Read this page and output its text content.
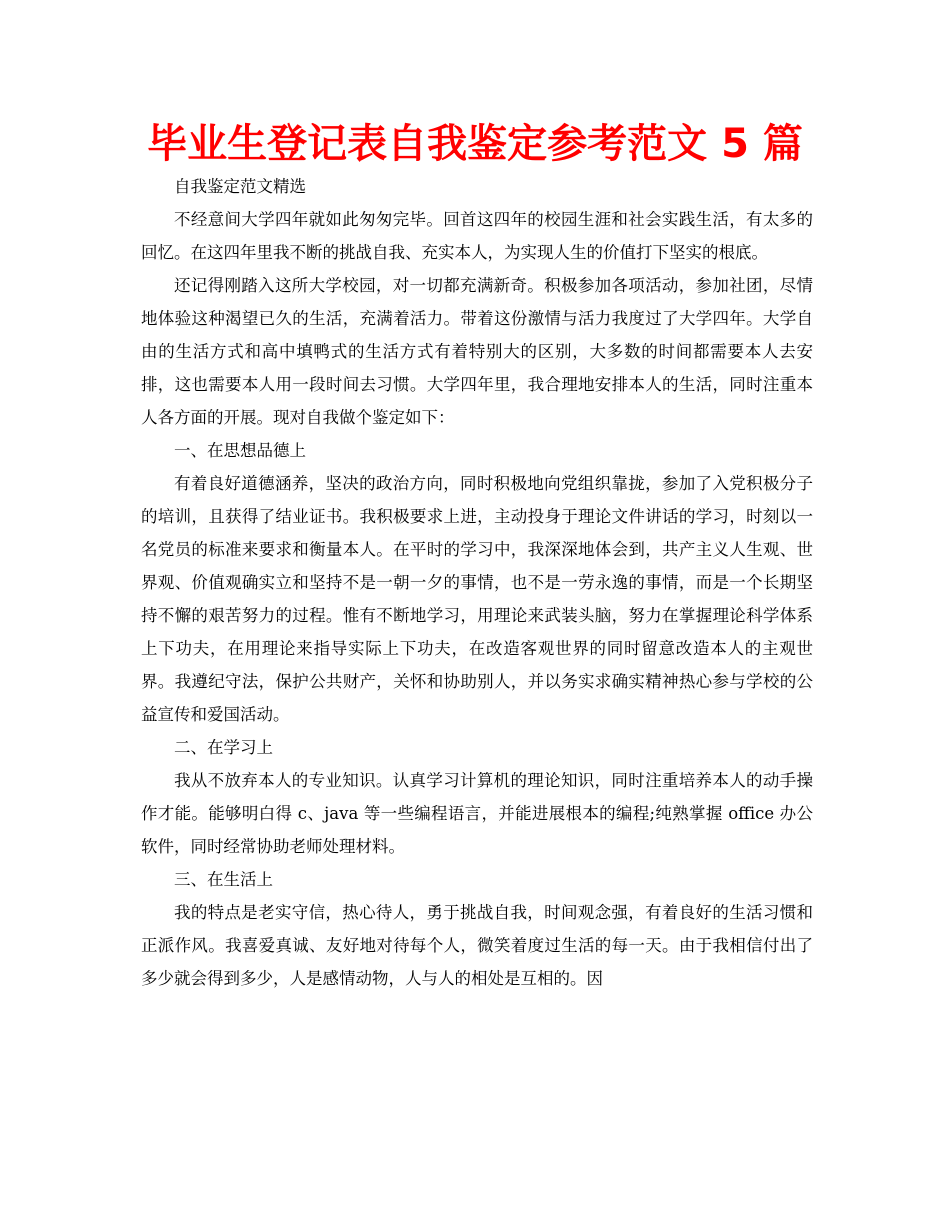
毕业生登记表自我鉴定参考范文 5 篇

自我鉴定范文精选

不经意间大学四年就如此匆匆完毕。回首这四年的校园生涯和社会实践生活，有太多的回忆。在这四年里我不断的挑战自我、充实本人，为实现人生的价值打下坚实的根底。

还记得刚踏入这所大学校园，对一切都充满新奇。积极参加各项活动，参加社团，尽情地体验这种渴望已久的生活，充满着活力。带着这份激情与活力我度过了大学四年。大学自由的生活方式和高中填鸭式的生活方式有着特别大的区别，大多数的时间都需要本人去安排，这也需要本人用一段时间去习惯。大学四年里，我合理地安排本人的生活，同时注重本人各方面的开展。现对自我做个鉴定如下：

一、在思想品德上

有着良好道德涵养，坚决的政治方向，同时积极地向党组织靠拢，参加了入党积极分子的培训，且获得了结业证书。我积极要求上进，主动投身于理论文件讲话的学习，时刻以一名党员的标准来要求和衡量本人。在平时的学习中，我深深地体会到，共产主义人生观、世界观、价值观确实立和坚持不是一朝一夕的事情，也不是一劳永逸的事情，而是一个长期坚持不懈的艰苦努力的过程。惟有不断地学习，用理论来武装头脑，努力在掌握理论科学体系上下功夫，在用理论来指导实际上下功夫，在改造客观世界的同时留意改造本人的主观世界。我遵纪守法，保护公共财产，关怀和协助别人，并以务实求确实精神热心参与学校的公益宣传和爱国活动。

二、在学习上

我从不放弃本人的专业知识。认真学习计算机的理论知识，同时注重培养本人的动手操作才能。能够明白得 c、java 等一些编程语言，并能进展根本的编程;纯熟掌握 office 办公软件，同时经常协助老师处理材料。

三、在生活上

我的特点是老实守信，热心待人，勇于挑战自我，时间观念强，有着良好的生活习惯和正派作风。我喜爱真诚、友好地对待每个人，微笑着度过生活的每一天。由于我相信付出了多少就会得到多少，人是感情动物，人与人的相处是互相的。因
